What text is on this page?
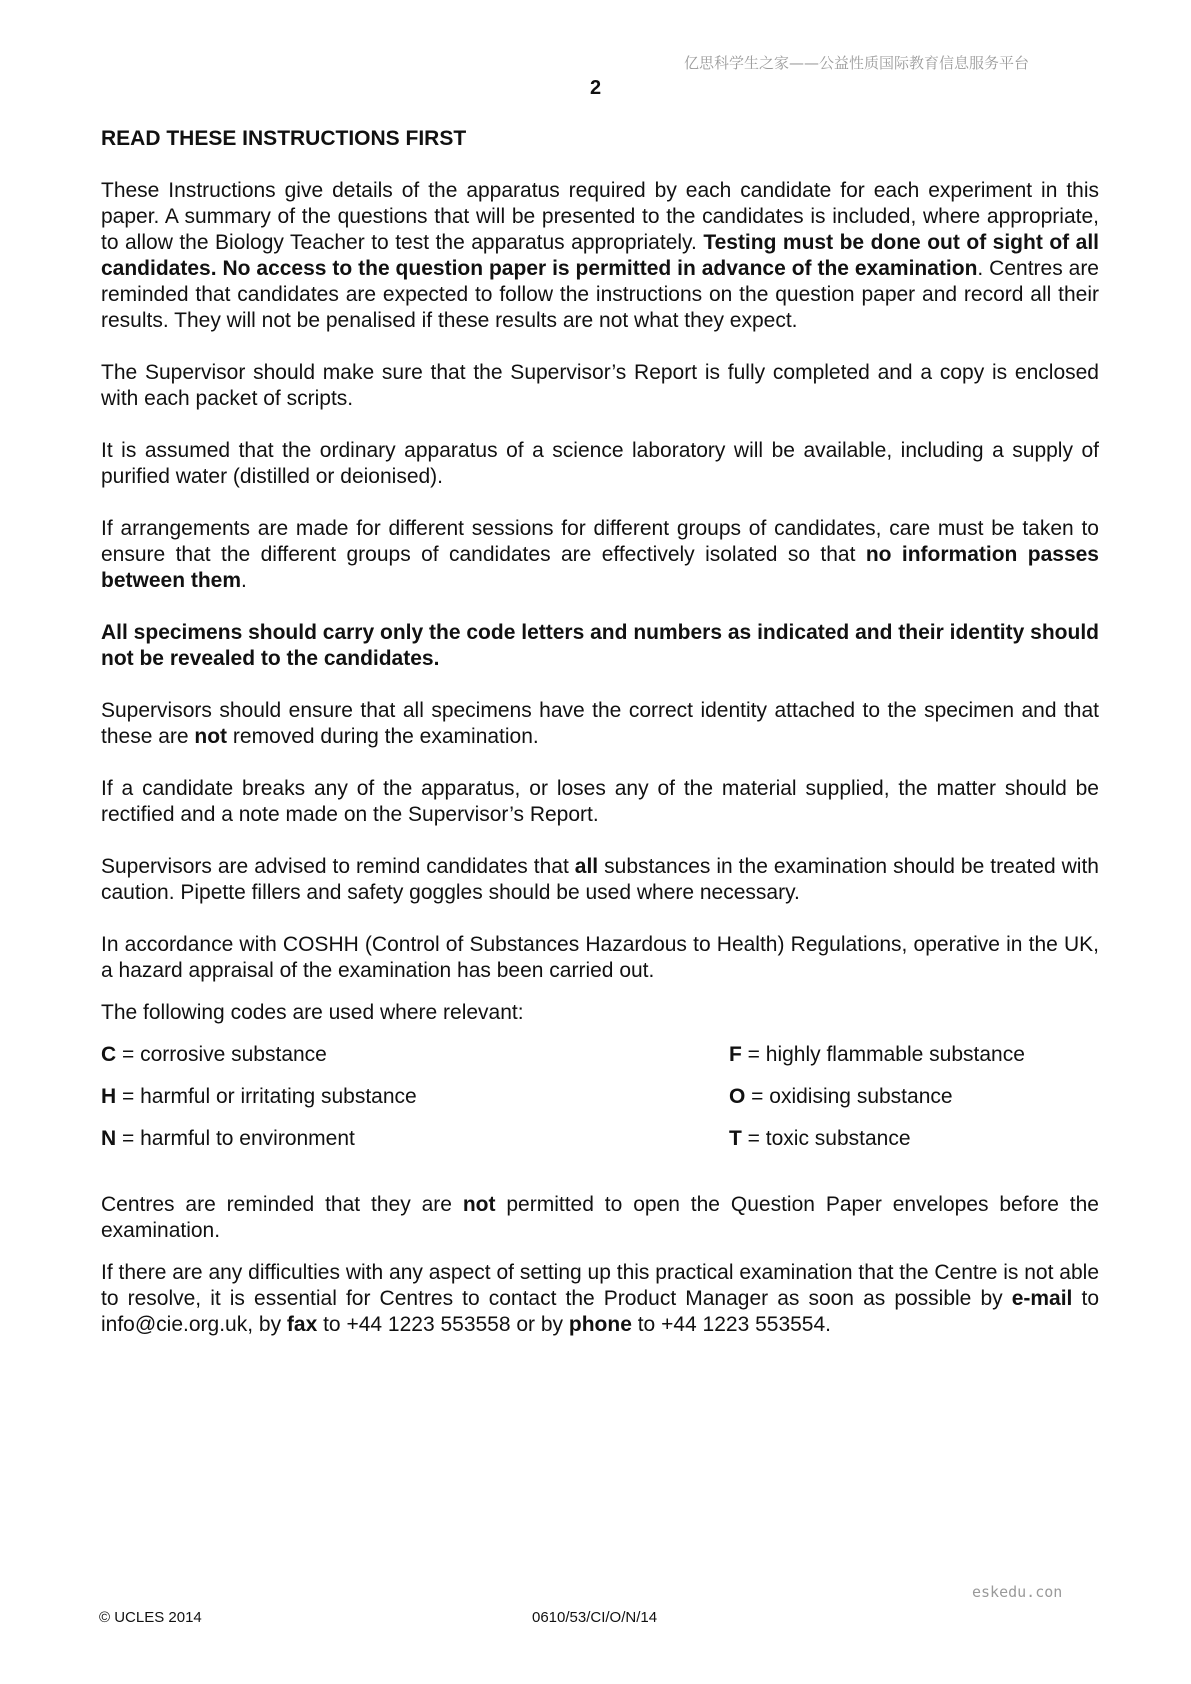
亿思科学生之家——公益性质国际教育信息服务平台
2
READ THESE INSTRUCTIONS FIRST

These Instructions give details of the apparatus required by each candidate for each experiment in this paper. A summary of the questions that will be presented to the candidates is included, where appropriate, to allow the Biology Teacher to test the apparatus appropriately. Testing must be done out of sight of all candidates. No access to the question paper is permitted in advance of the examination. Centres are reminded that candidates are expected to follow the instructions on the question paper and record all their results. They will not be penalised if these results are not what they expect.

The Supervisor should make sure that the Supervisor’s Report is fully completed and a copy is enclosed with each packet of scripts.

It is assumed that the ordinary apparatus of a science laboratory will be available, including a supply of purified water (distilled or deionised).

If arrangements are made for different sessions for different groups of candidates, care must be taken to ensure that the different groups of candidates are effectively isolated so that no information passes between them.

All specimens should carry only the code letters and numbers as indicated and their identity should not be revealed to the candidates.

Supervisors should ensure that all specimens have the correct identity attached to the specimen and that these are not removed during the examination.

If a candidate breaks any of the apparatus, or loses any of the material supplied, the matter should be rectified and a note made on the Supervisor’s Report.

Supervisors are advised to remind candidates that all substances in the examination should be treated with caution. Pipette fillers and safety goggles should be used where necessary.

In accordance with COSHH (Control of Substances Hazardous to Health) Regulations, operative in the UK, a hazard appraisal of the examination has been carried out.

The following codes are used where relevant:

C = corrosive substance	F = highly flammable substance
H = harmful or irritating substance	O = oxidising substance
N = harmful to environment	T = toxic substance

Centres are reminded that they are not permitted to open the Question Paper envelopes before the examination.

If there are any difficulties with any aspect of setting up this practical examination that the Centre is not able to resolve, it is essential for Centres to contact the Product Manager as soon as possible by e-mail to info@cie.org.uk, by fax to +44 1223 553558 or by phone to +44 1223 553554.

eskedu.con
© UCLES 2014	0610/53/CI/O/N/14
